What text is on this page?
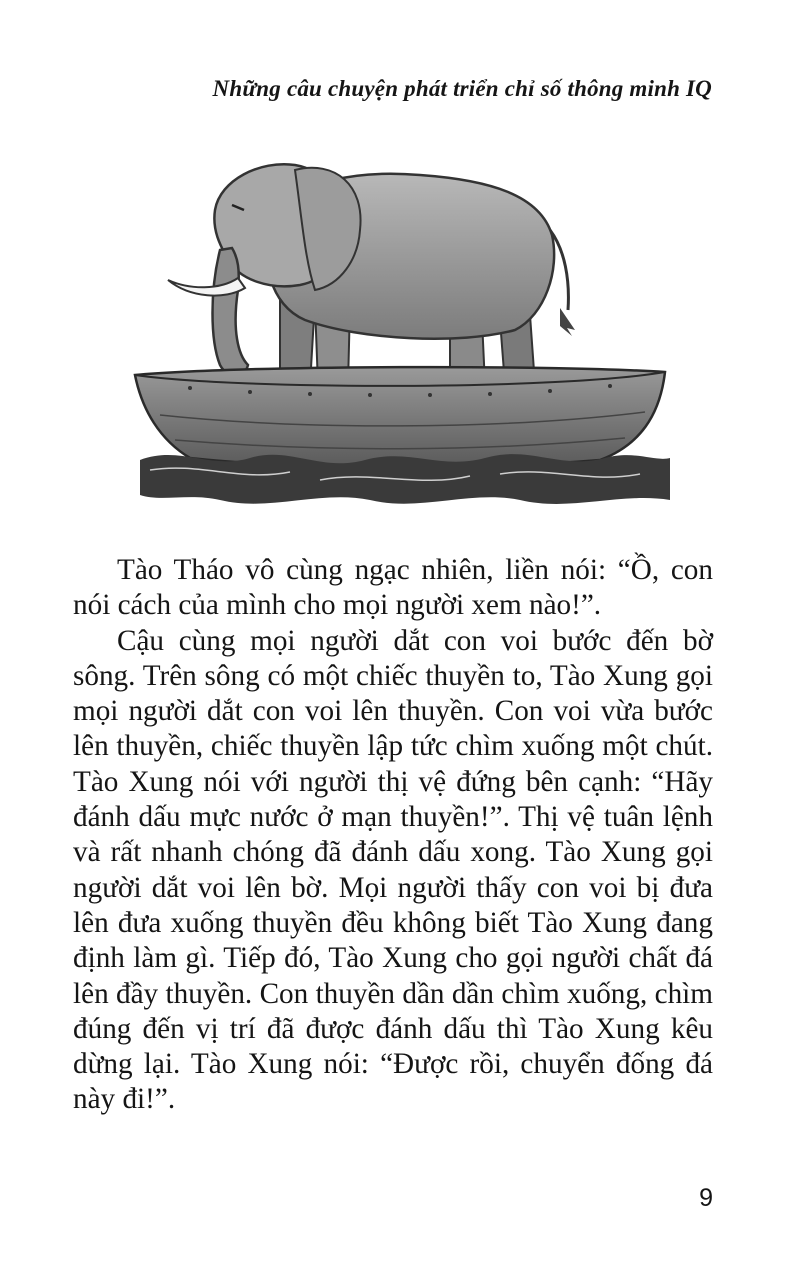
Những câu chuyện phát triển chỉ số thông minh IQ

Tào Tháo vô cùng ngạc nhiên, liền nói: “Ồ, con nói cách của mình cho mọi người xem nào!”.

Cậu cùng mọi người dắt con voi bước đến bờ sông. Trên sông có một chiếc thuyền to, Tào Xung gọi mọi người dắt con voi lên thuyền. Con voi vừa bước lên thuyền, chiếc thuyền lập tức chìm xuống một chút. Tào Xung nói với người thị vệ đứng bên cạnh: “Hãy đánh dấu mực nước ở mạn thuyền!”. Thị vệ tuân lệnh và rất nhanh chóng đã đánh dấu xong. Tào Xung gọi người dắt voi lên bờ. Mọi người thấy con voi bị đưa lên đưa xuống thuyền đều không biết Tào Xung đang định làm gì. Tiếp đó, Tào Xung cho gọi người chất đá lên đầy thuyền. Con thuyền dần dần chìm xuống, chìm đúng đến vị trí đã được đánh dấu thì Tào Xung kêu dừng lại. Tào Xung nói: “Được rồi, chuyển đống đá này đi!”.

9
